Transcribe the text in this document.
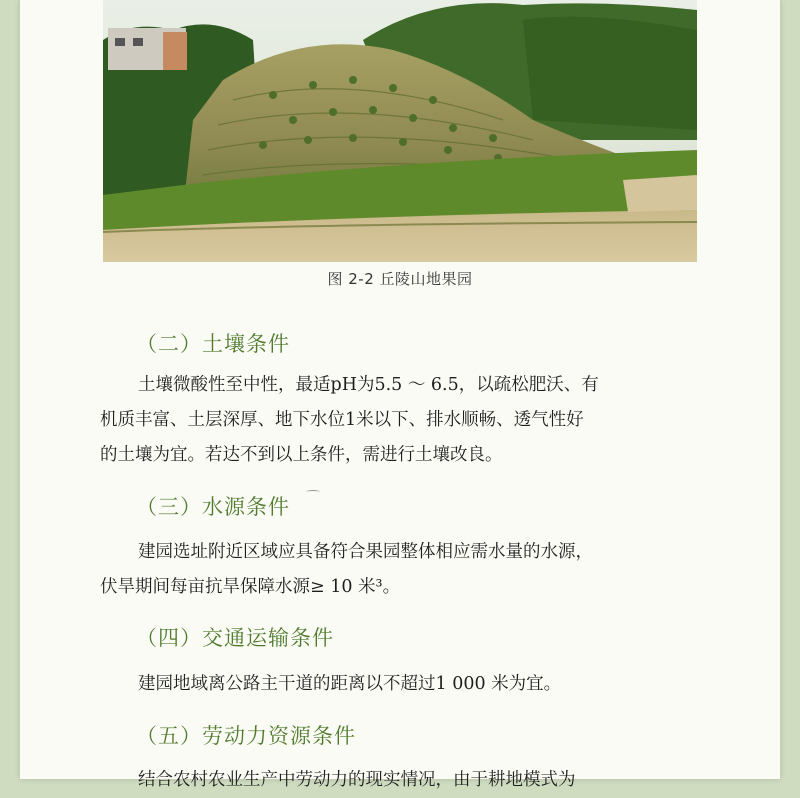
图 2-2 丘陵山地果园
（二）土壤条件
土壤微酸性至中性，最适pH为5.5 ～ 6.5，以疏松肥沃、有
机质丰富、土层深厚、地下水位1米以下、排水顺畅、透气性好
的土壤为宜。若达不到以上条件，需进行土壤改良。
（三）水源条件
建园选址附近区域应具备符合果园整体相应需水量的水源，
伏旱期间每亩抗旱保障水源≥ 10 米³。
（四）交通运输条件
建园地域离公路主干道的距离以不超过1 000 米为宜。
（五）劳动力资源条件
结合农村农业生产中劳动力的现实情况，由于耕地模式为
